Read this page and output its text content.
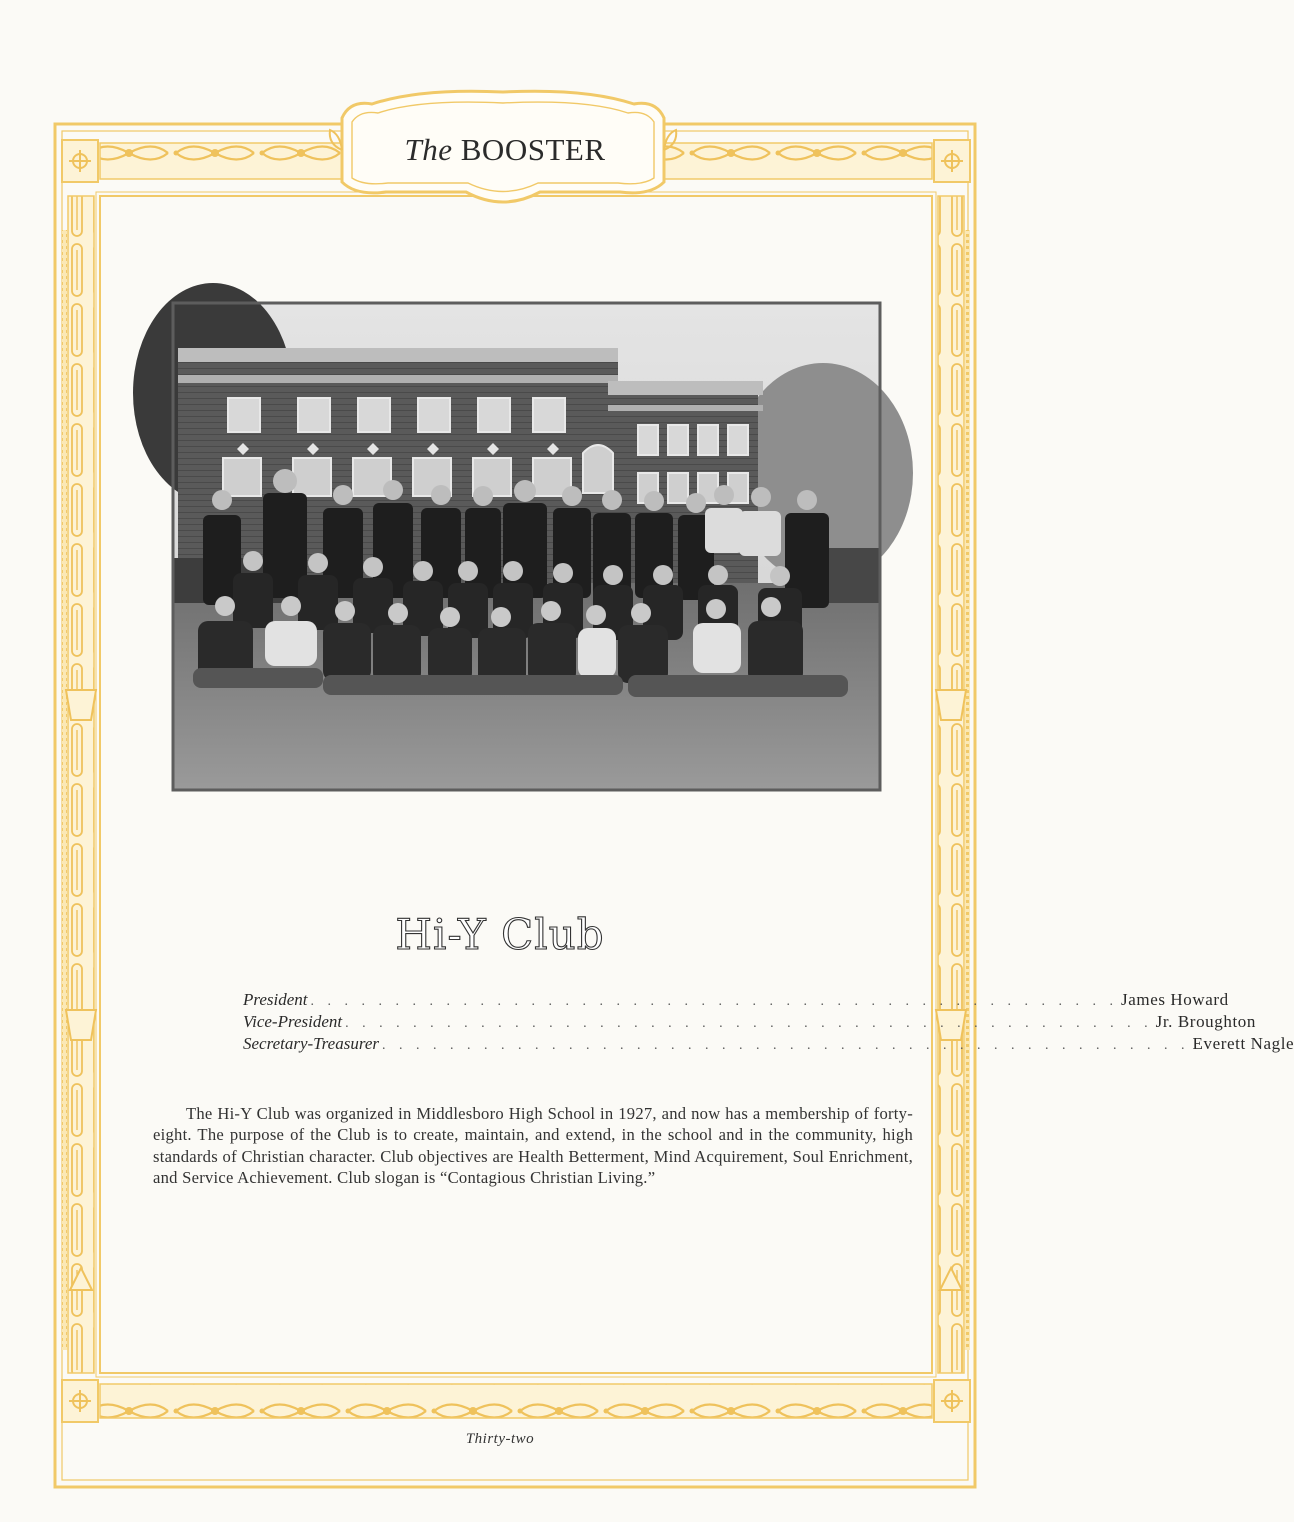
The BOOSTER
Hi-Y Club
President . . . . . . . . . . . . . . . . . . . . . . . . . . . . . . . . . . . . . . . . . . . . . . . . James Howard
Vice-President . . . . . . . . . . . . . . . . . . . . . . . . . . . . . . . . . . . . . . . . . . . . . . . . Jr. Broughton
Secretary-Treasurer . . . . . . . . . . . . . . . . . . . . . . . . . . . . . . . . . . . . . . . . . . . . . . . . Everett Nagle

The Hi-Y Club was organized in Middlesboro High School in 1927, and now has a membership of forty-eight. The purpose of the Club is to create, maintain, and extend, in the school and in the community, high standards of Christian character. Club objectives are Health Betterment, Mind Acquirement, Soul Enrichment, and Service Achievement. Club slogan is “Contagious Christian Living.”

Thirty-two
